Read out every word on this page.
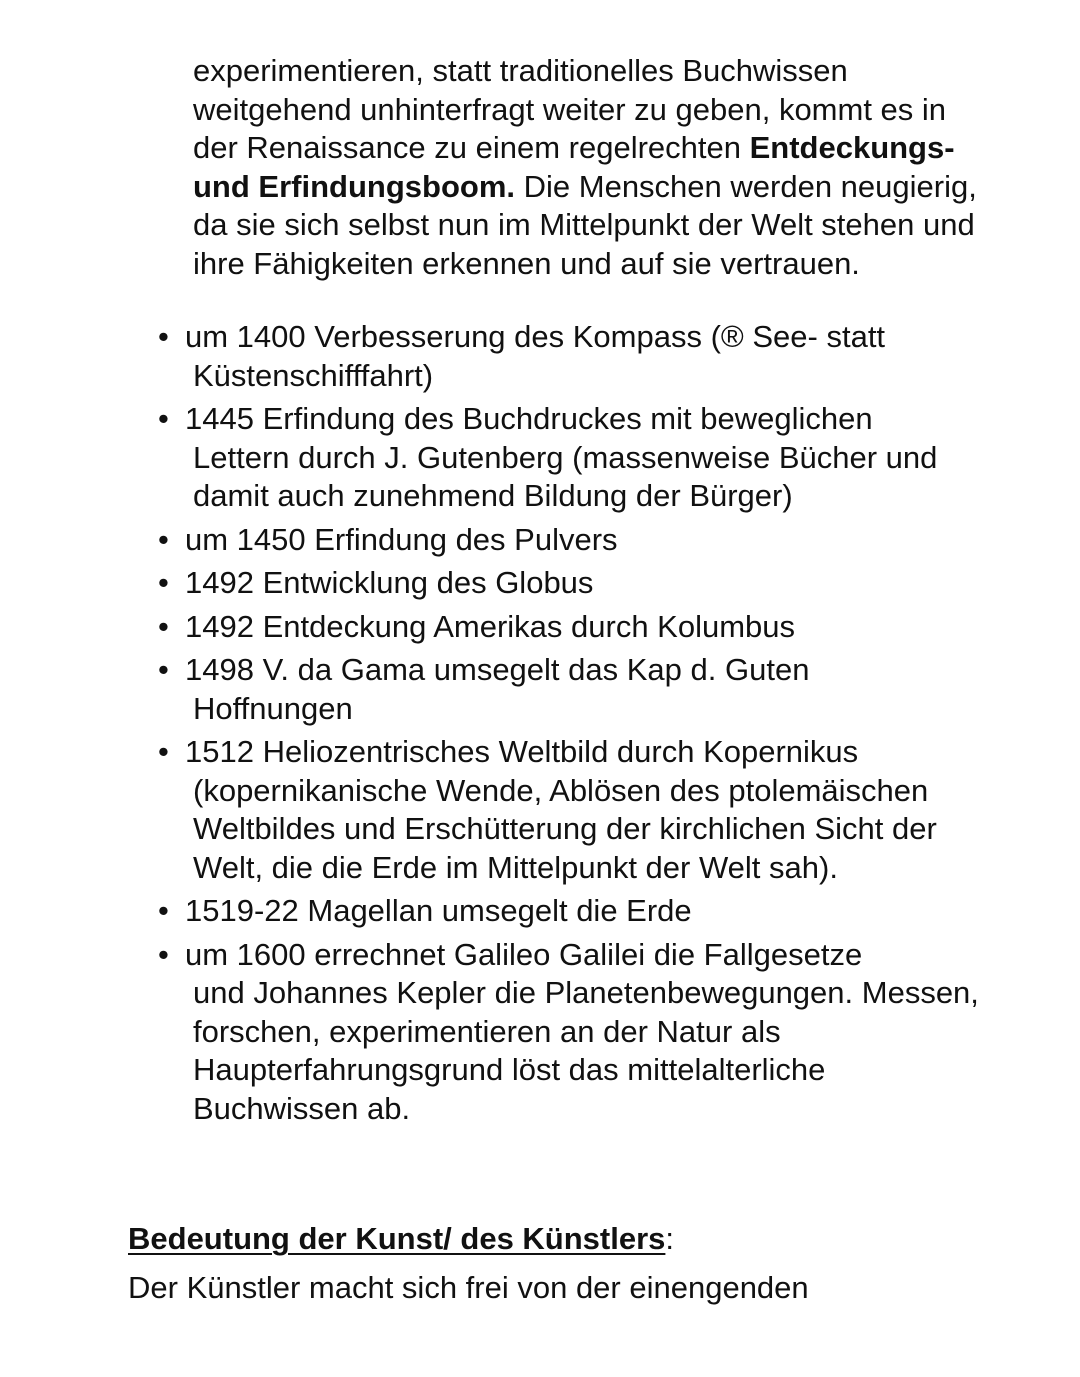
experimentieren, statt traditionelles Buchwissen weitgehend unhinterfragt weiter zu geben, kommt es in der Renaissance zu einem regelrechten Entdeckungs- und Erfindungsboom. Die Menschen werden neugierig, da sie sich selbst nun im Mittelpunkt der Welt stehen und ihre Fähigkeiten erkennen und auf sie vertrauen.

• um 1400 Verbesserung des Kompass (® See- statt
Küstenschifffahrt)
• 1445 Erfindung des Buchdruckes mit beweglichen
Lettern durch J. Gutenberg (massenweise Bücher und damit auch zunehmend Bildung der Bürger)
• um 1450 Erfindung des Pulvers
• 1492 Entwicklung des Globus
• 1492 Entdeckung Amerikas durch Kolumbus
• 1498 V. da Gama umsegelt das Kap d. Guten
Hoffnungen
• 1512 Heliozentrisches Weltbild durch Kopernikus
(kopernikanische Wende, Ablösen des ptolemäischen Weltbildes und Erschütterung der kirchlichen Sicht der Welt, die die Erde im Mittelpunkt der Welt sah).
• 1519-22 Magellan umsegelt die Erde
• um 1600 errechnet Galileo Galilei die Fallgesetze
und Johannes Kepler die Planetenbewegungen. Messen, forschen, experimentieren an der Natur als Haupterfahrungsgrund löst das mittelalterliche Buchwissen ab.
Bedeutung der Kunst/ des Künstlers:
Der Künstler macht sich frei von der einengenden
